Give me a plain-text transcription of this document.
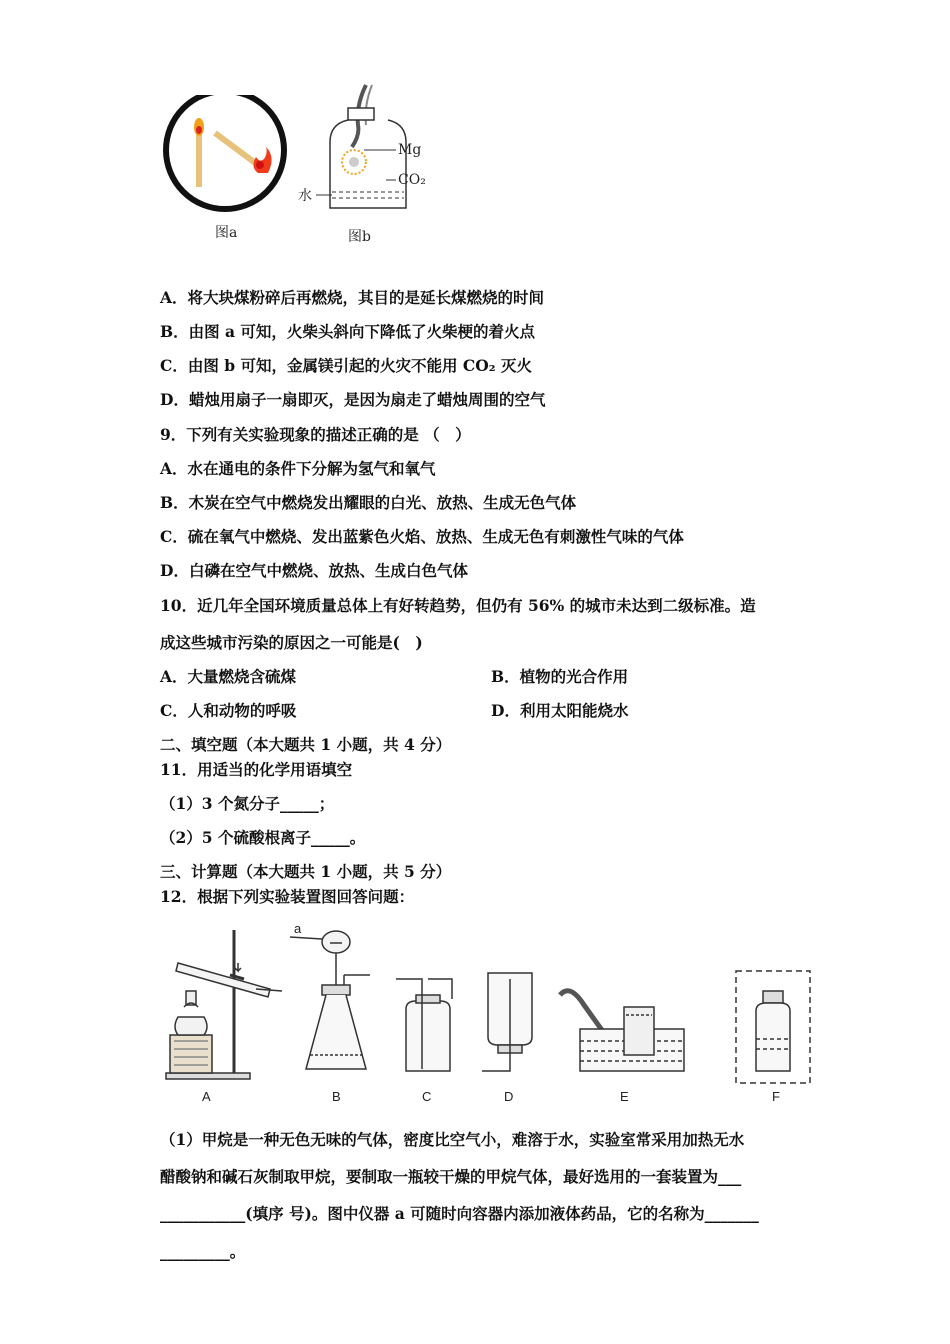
图a
Mg
CO₂
水
图b
A．将大块煤粉碎后再燃烧，其目的是延长煤燃烧的时间
B．由图 a 可知，火柴头斜向下降低了火柴梗的着火点
C．由图 b 可知，金属镁引起的火灾不能用 CO₂ 灭火
D．蜡烛用扇子一扇即灭，是因为扇走了蜡烛周围的空气
9．下列有关实验现象的描述正确的是 （　）
A．水在通电的条件下分解为氢气和氧气
B．木炭在空气中燃烧发出耀眼的白光、放热、生成无色气体
C．硫在氧气中燃烧、发出蓝紫色火焰、放热、生成无色有刺激性气味的气体
D．白磷在空气中燃烧、放热、生成白色气体
10．近几年全国环境质量总体上有好转趋势，但仍有 56% 的城市未达到二级标准。造
成这些城市污染的原因之一可能是(　)
A．大量燃烧含硫煤	B．植物的光合作用
C．人和动物的呼吸	D．利用太阳能烧水
二、填空题（本大题共 1 小题，共 4 分）
11．用适当的化学用语填空
（1）3 个氮分子_____；
（2）5 个硫酸根离子_____。
三、计算题（本大题共 1 小题，共 5 分）
12．根据下列实验装置图回答问题：
A
a
B	C	D	E	F
（1）甲烷是一种无色无味的气体，密度比空气小，难溶于水，实验室常采用加热无水
醋酸钠和碱石灰制取甲烷，要制取一瓶较干燥的甲烷气体，最好选用的一套装置为___
___________(填序 号)。图中仪器 a 可随时向容器内添加液体药品，它的名称为_______
_________。
